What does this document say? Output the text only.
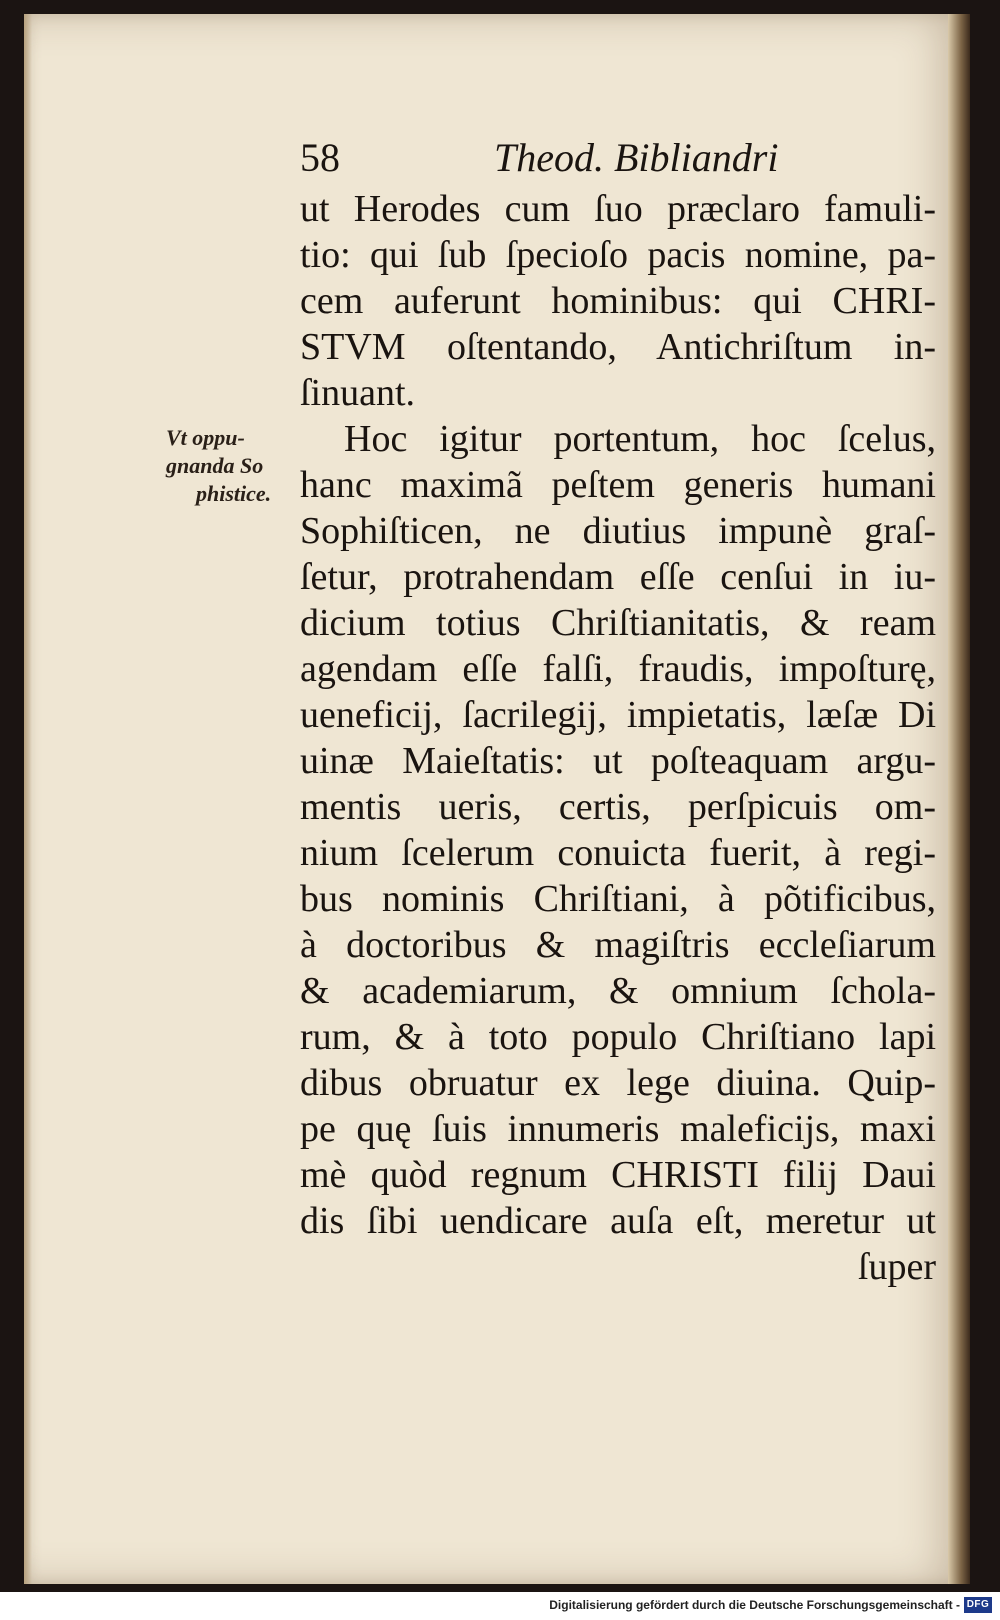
58	Theod. Bibliandri
Vt oppu-
gnanda So
phistice.
ut Herodes cum ſuo præclaro famuli-
tio: qui ſub ſpecioſo pacis nomine, pa-
cem auferunt hominibus: qui CHRI-
STVM oſtentando, Antichriſtum in-
ſinuant.
Hoc igitur portentum, hoc ſcelus,
hanc maximã peſtem generis humani
Sophiſticen, ne diutius impunè graſ-
ſetur, protrahendam eſſe cenſui in iu-
dicium totius Chriſtianitatis, & ream
agendam eſſe falſi, fraudis, impoſturę,
ueneficij, ſacrilegij, impietatis, læſæ Di
uinæ Maieſtatis: ut poſteaquam argu-
mentis ueris, certis, perſpicuis om-
nium ſcelerum conuicta fuerit, à regi-
bus nominis Chriſtiani, à põtificibus,
à doctoribus & magiſtris eccleſiarum
& academiarum, & omnium ſchola-
rum, & à toto populo Chriſtiano lapi
dibus obruatur ex lege diuina. Quip-
pe quę ſuis innumeris maleficijs, maxi
mè quòd regnum CHRISTI filij Daui
dis ſibi uendicare auſa eſt, meretur ut
ſuper
Digitalisierung gefördert durch die Deutsche Forschungsgemeinschaft - DFG
